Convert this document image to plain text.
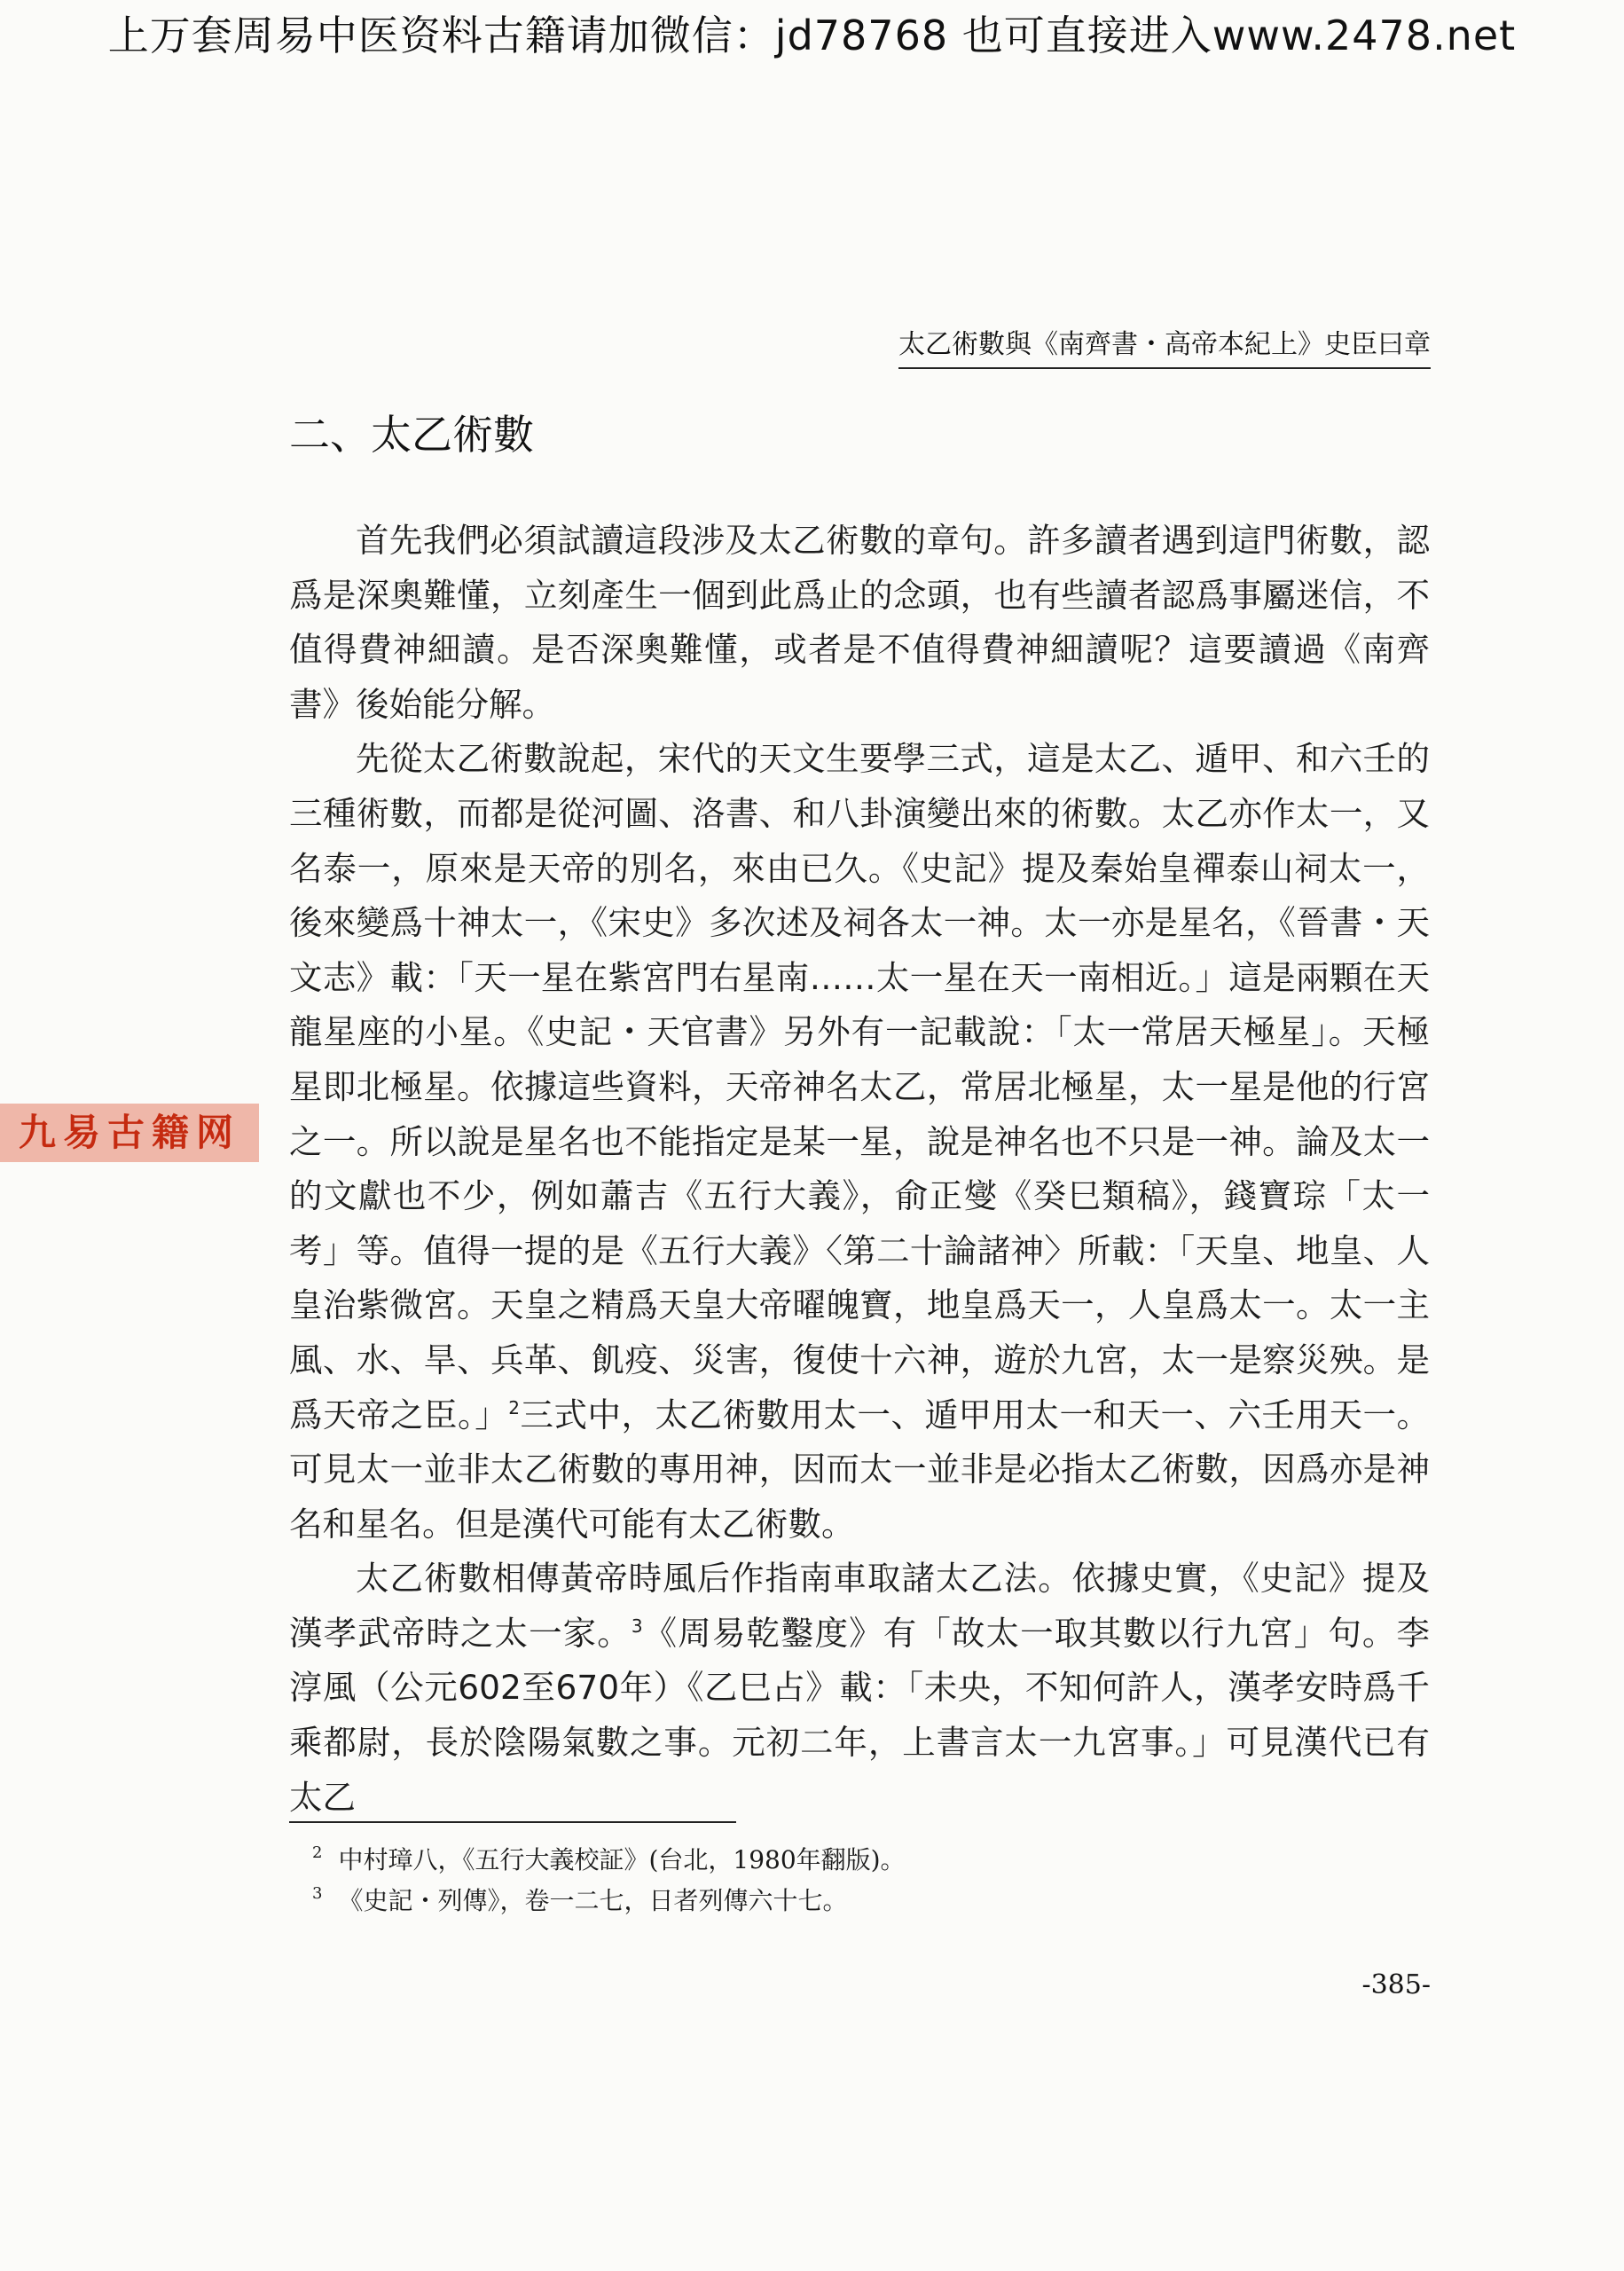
上万套周易中医资料古籍请加微信：jd78768 也可直接进入www.2478.net
太乙術數與《南齊書・高帝本紀上》史臣曰章
二、太乙術數

首先我們必須試讀這段涉及太乙術數的章句。許多讀者遇到這門術數，認爲是深奧難懂，立刻產生一個到此爲止的念頭，也有些讀者認爲事屬迷信，不值得費神細讀。是否深奧難懂，或者是不值得費神細讀呢？這要讀過《南齊書》後始能分解。

先從太乙術數說起，宋代的天文生要學三式，這是太乙、遁甲、和六壬的三種術數，而都是從河圖、洛書、和八卦演變出來的術數。太乙亦作太一，又名泰一，原來是天帝的別名，來由已久。《史記》提及秦始皇禪泰山祠太一，後來變爲十神太一，《宋史》多次述及祠各太一神。太一亦是星名，《晉書・天文志》載：「天一星在紫宮門右星南……太一星在天一南相近。」這是兩顆在天龍星座的小星。《史記・天官書》另外有一記載說：「太一常居天極星」。天極星即北極星。依據這些資料，天帝神名太乙，常居北極星，太一星是他的行宮之一。所以說是星名也不能指定是某一星，說是神名也不只是一神。論及太一的文獻也不少，例如蕭吉《五行大義》，俞正燮《癸巳類稿》，錢寶琮「太一考」等。值得一提的是《五行大義》〈第二十論諸神〉所載：「天皇、地皇、人皇治紫微宮。天皇之精爲天皇大帝曜魄寶，地皇爲天一，人皇爲太一。太一主風、水、旱、兵革、飢疫、災害，復使十六神，遊於九宮，太一是察災殃。是爲天帝之臣。」$^2$三式中，太乙術數用太一、遁甲用太一和天一、六壬用天一。可見太一並非太乙術數的專用神，因而太一並非是必指太乙術數，因爲亦是神名和星名。但是漢代可能有太乙術數。

太乙術數相傳黃帝時風后作指南車取諸太乙法。依據史實，《史記》提及漢孝武帝時之太一家。$^3$《周易乾鑿度》有「故太一取其數以行九宮」句。李淳風（公元602至670年）《乙巳占》載：「未央，不知何許人，漢孝安時爲千乘都尉，長於陰陽氣數之事。元初二年，上書言太一九宮事。」可見漢代已有太乙

九易古籍网
$^2$ 中村璋八，《五行大義校証》(台北，1980年翻版)。
$^3$ 《史記・列傳》，卷一二七，日者列傳六十七。
-385-
